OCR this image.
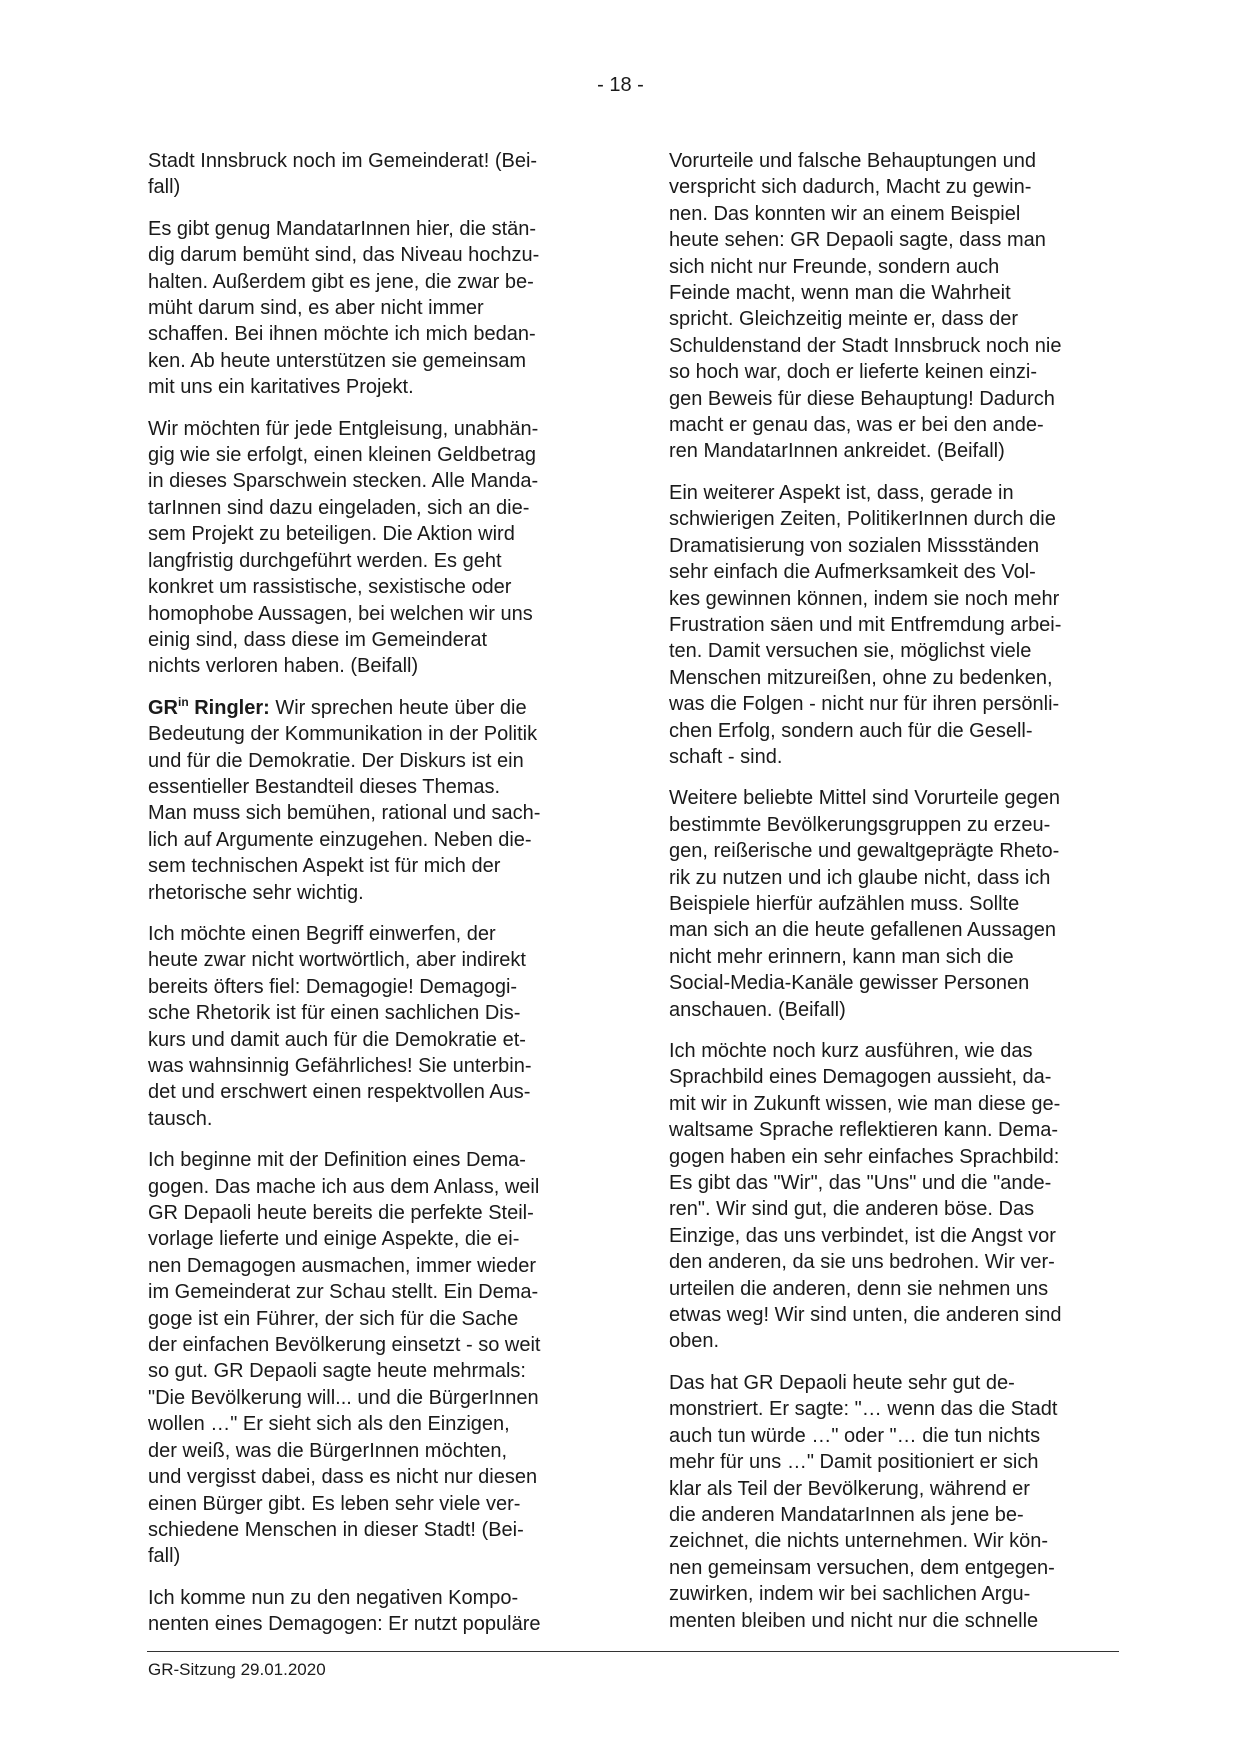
- 18 -

Stadt Innsbruck noch im Gemeinderat! (Bei-
fall)

Es gibt genug MandatarInnen hier, die stän-
dig darum bemüht sind, das Niveau hochzu-
halten. Außerdem gibt es jene, die zwar be-
müht darum sind, es aber nicht immer
schaffen. Bei ihnen möchte ich mich bedan-
ken. Ab heute unterstützen sie gemeinsam
mit uns ein karitatives Projekt.

Wir möchten für jede Entgleisung, unabhän-
gig wie sie erfolgt, einen kleinen Geldbetrag
in dieses Sparschwein stecken. Alle Manda-
tarInnen sind dazu eingeladen, sich an die-
sem Projekt zu beteiligen. Die Aktion wird
langfristig durchgeführt werden. Es geht
konkret um rassistische, sexistische oder
homophobe Aussagen, bei welchen wir uns
einig sind, dass diese im Gemeinderat
nichts verloren haben. (Beifall)

$GR^{in}$ Ringler: Wir sprechen heute über die
Bedeutung der Kommunikation in der Politik
und für die Demokratie. Der Diskurs ist ein
essentieller Bestandteil dieses Themas.
Man muss sich bemühen, rational und sach-
lich auf Argumente einzugehen. Neben die-
sem technischen Aspekt ist für mich der
rhetorische sehr wichtig.

Ich möchte einen Begriff einwerfen, der
heute zwar nicht wortwörtlich, aber indirekt
bereits öfters fiel: Demagogie! Demagogi-
sche Rhetorik ist für einen sachlichen Dis-
kurs und damit auch für die Demokratie et-
was wahnsinnig Gefährliches! Sie unterbin-
det und erschwert einen respektvollen Aus-
tausch.

Ich beginne mit der Definition eines Dema-
gogen. Das mache ich aus dem Anlass, weil
GR Depaoli heute bereits die perfekte Steil-
vorlage lieferte und einige Aspekte, die ei-
nen Demagogen ausmachen, immer wieder
im Gemeinderat zur Schau stellt. Ein Dema-
goge ist ein Führer, der sich für die Sache
der einfachen Bevölkerung einsetzt - so weit
so gut. GR Depaoli sagte heute mehrmals:
"Die Bevölkerung will... und die BürgerInnen
wollen …" Er sieht sich als den Einzigen,
der weiß, was die BürgerInnen möchten,
und vergisst dabei, dass es nicht nur diesen
einen Bürger gibt. Es leben sehr viele ver-
schiedene Menschen in dieser Stadt! (Bei-
fall)

Ich komme nun zu den negativen Kompo-
nenten eines Demagogen: Er nutzt populäre

Vorurteile und falsche Behauptungen und
verspricht sich dadurch, Macht zu gewin-
nen. Das konnten wir an einem Beispiel
heute sehen: GR Depaoli sagte, dass man
sich nicht nur Freunde, sondern auch
Feinde macht, wenn man die Wahrheit
spricht. Gleichzeitig meinte er, dass der
Schuldenstand der Stadt Innsbruck noch nie
so hoch war, doch er lieferte keinen einzi-
gen Beweis für diese Behauptung! Dadurch
macht er genau das, was er bei den ande-
ren MandatarInnen ankreidet. (Beifall)

Ein weiterer Aspekt ist, dass, gerade in
schwierigen Zeiten, PolitikerInnen durch die
Dramatisierung von sozialen Missständen
sehr einfach die Aufmerksamkeit des Vol-
kes gewinnen können, indem sie noch mehr
Frustration säen und mit Entfremdung arbei-
ten. Damit versuchen sie, möglichst viele
Menschen mitzureißen, ohne zu bedenken,
was die Folgen - nicht nur für ihren persönli-
chen Erfolg, sondern auch für die Gesell-
schaft - sind.

Weitere beliebte Mittel sind Vorurteile gegen
bestimmte Bevölkerungsgruppen zu erzeu-
gen, reißerische und gewaltgeprägte Rheto-
rik zu nutzen und ich glaube nicht, dass ich
Beispiele hierfür aufzählen muss. Sollte
man sich an die heute gefallenen Aussagen
nicht mehr erinnern, kann man sich die
Social-Media-Kanäle gewisser Personen
anschauen. (Beifall)

Ich möchte noch kurz ausführen, wie das
Sprachbild eines Demagogen aussieht, da-
mit wir in Zukunft wissen, wie man diese ge-
waltsame Sprache reflektieren kann. Dema-
gogen haben ein sehr einfaches Sprachbild:
Es gibt das "Wir", das "Uns" und die "ande-
ren". Wir sind gut, die anderen böse. Das
Einzige, das uns verbindet, ist die Angst vor
den anderen, da sie uns bedrohen. Wir ver-
urteilen die anderen, denn sie nehmen uns
etwas weg! Wir sind unten, die anderen sind
oben.

Das hat GR Depaoli heute sehr gut de-
monstriert. Er sagte: "… wenn das die Stadt
auch tun würde …" oder "… die tun nichts
mehr für uns …" Damit positioniert er sich
klar als Teil der Bevölkerung, während er
die anderen MandatarInnen als jene be-
zeichnet, die nichts unternehmen. Wir kön-
nen gemeinsam versuchen, dem entgegen-
zuwirken, indem wir bei sachlichen Argu-
menten bleiben und nicht nur die schnelle

GR-Sitzung 29.01.2020
